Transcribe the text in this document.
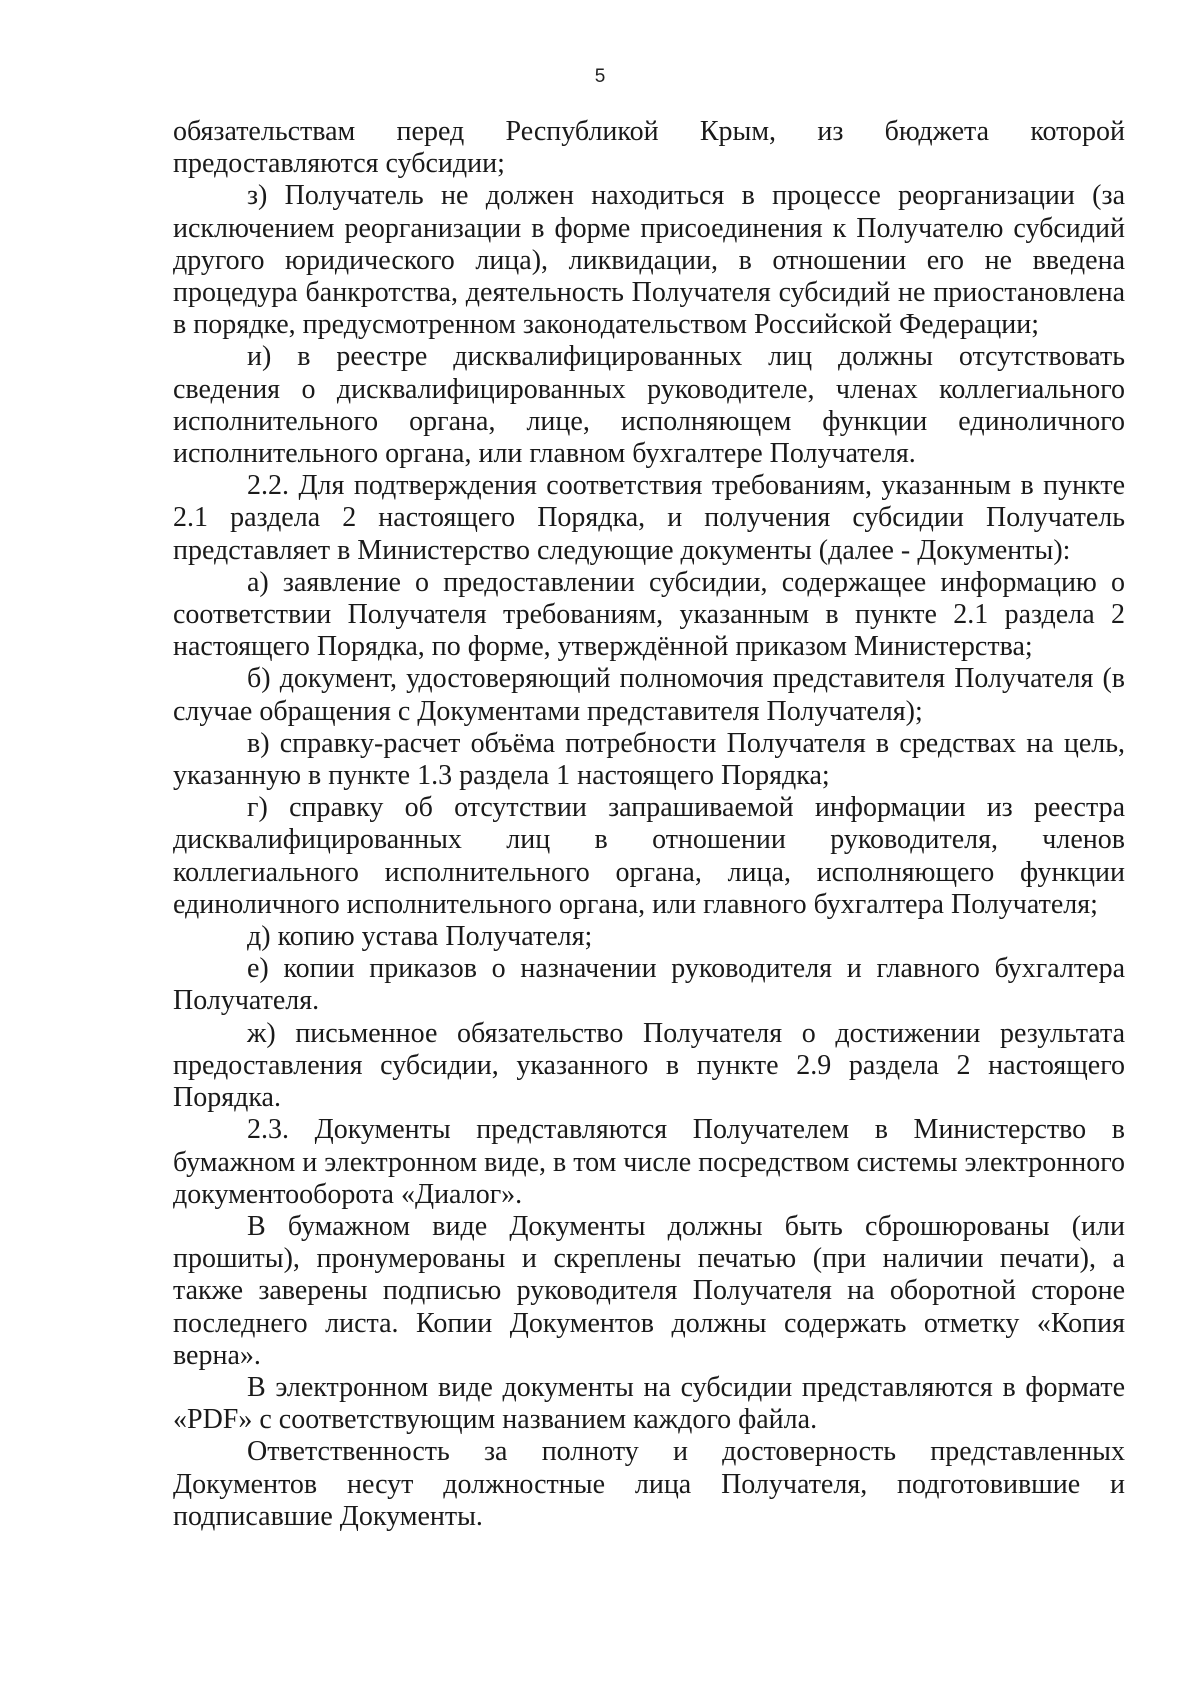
5

обязательствам перед Республикой Крым, из бюджета которой предоставляются субсидии;

з) Получатель не должен находиться в процессе реорганизации (за исключением реорганизации в форме присоединения к Получателю субсидий другого юридического лица), ликвидации, в отношении его не введена процедура банкротства, деятельность Получателя субсидий не приостановлена в порядке, предусмотренном законодательством Российской Федерации;

и) в реестре дисквалифицированных лиц должны отсутствовать сведения о дисквалифицированных руководителе, членах коллегиального исполнительного органа, лице, исполняющем функции единоличного исполнительного органа, или главном бухгалтере Получателя.

2.2. Для подтверждения соответствия требованиям, указанным в пункте 2.1 раздела 2 настоящего Порядка, и получения субсидии Получатель представляет в Министерство следующие документы (далее - Документы):

а) заявление о предоставлении субсидии, содержащее информацию о соответствии Получателя требованиям, указанным в пункте 2.1 раздела 2 настоящего Порядка, по форме, утверждённой приказом Министерства;

б) документ, удостоверяющий полномочия представителя Получателя (в случае обращения с Документами представителя Получателя);

в) справку-расчет объёма потребности Получателя в средствах на цель, указанную в пункте 1.3 раздела 1 настоящего Порядка;

г) справку об отсутствии запрашиваемой информации из реестра дисквалифицированных лиц в отношении руководителя, членов коллегиального исполнительного органа, лица, исполняющего функции единоличного исполнительного органа, или главного бухгалтера Получателя;

д) копию устава Получателя;

е) копии приказов о назначении руководителя и главного бухгалтера Получателя.

ж) письменное обязательство Получателя о достижении результата предоставления субсидии, указанного в пункте 2.9 раздела 2 настоящего Порядка.

2.3. Документы представляются Получателем в Министерство в бумажном и электронном виде, в том числе посредством системы электронного документооборота «Диалог».

В бумажном виде Документы должны быть сброшюрованы (или прошиты), пронумерованы и скреплены печатью (при наличии печати), а также заверены подписью руководителя Получателя на оборотной стороне последнего листа. Копии Документов должны содержать отметку «Копия верна».

В электронном виде документы на субсидии представляются в формате «PDF» с соответствующим названием каждого файла.

Ответственность за полноту и достоверность представленных Документов несут должностные лица Получателя, подготовившие и подписавшие Документы.
